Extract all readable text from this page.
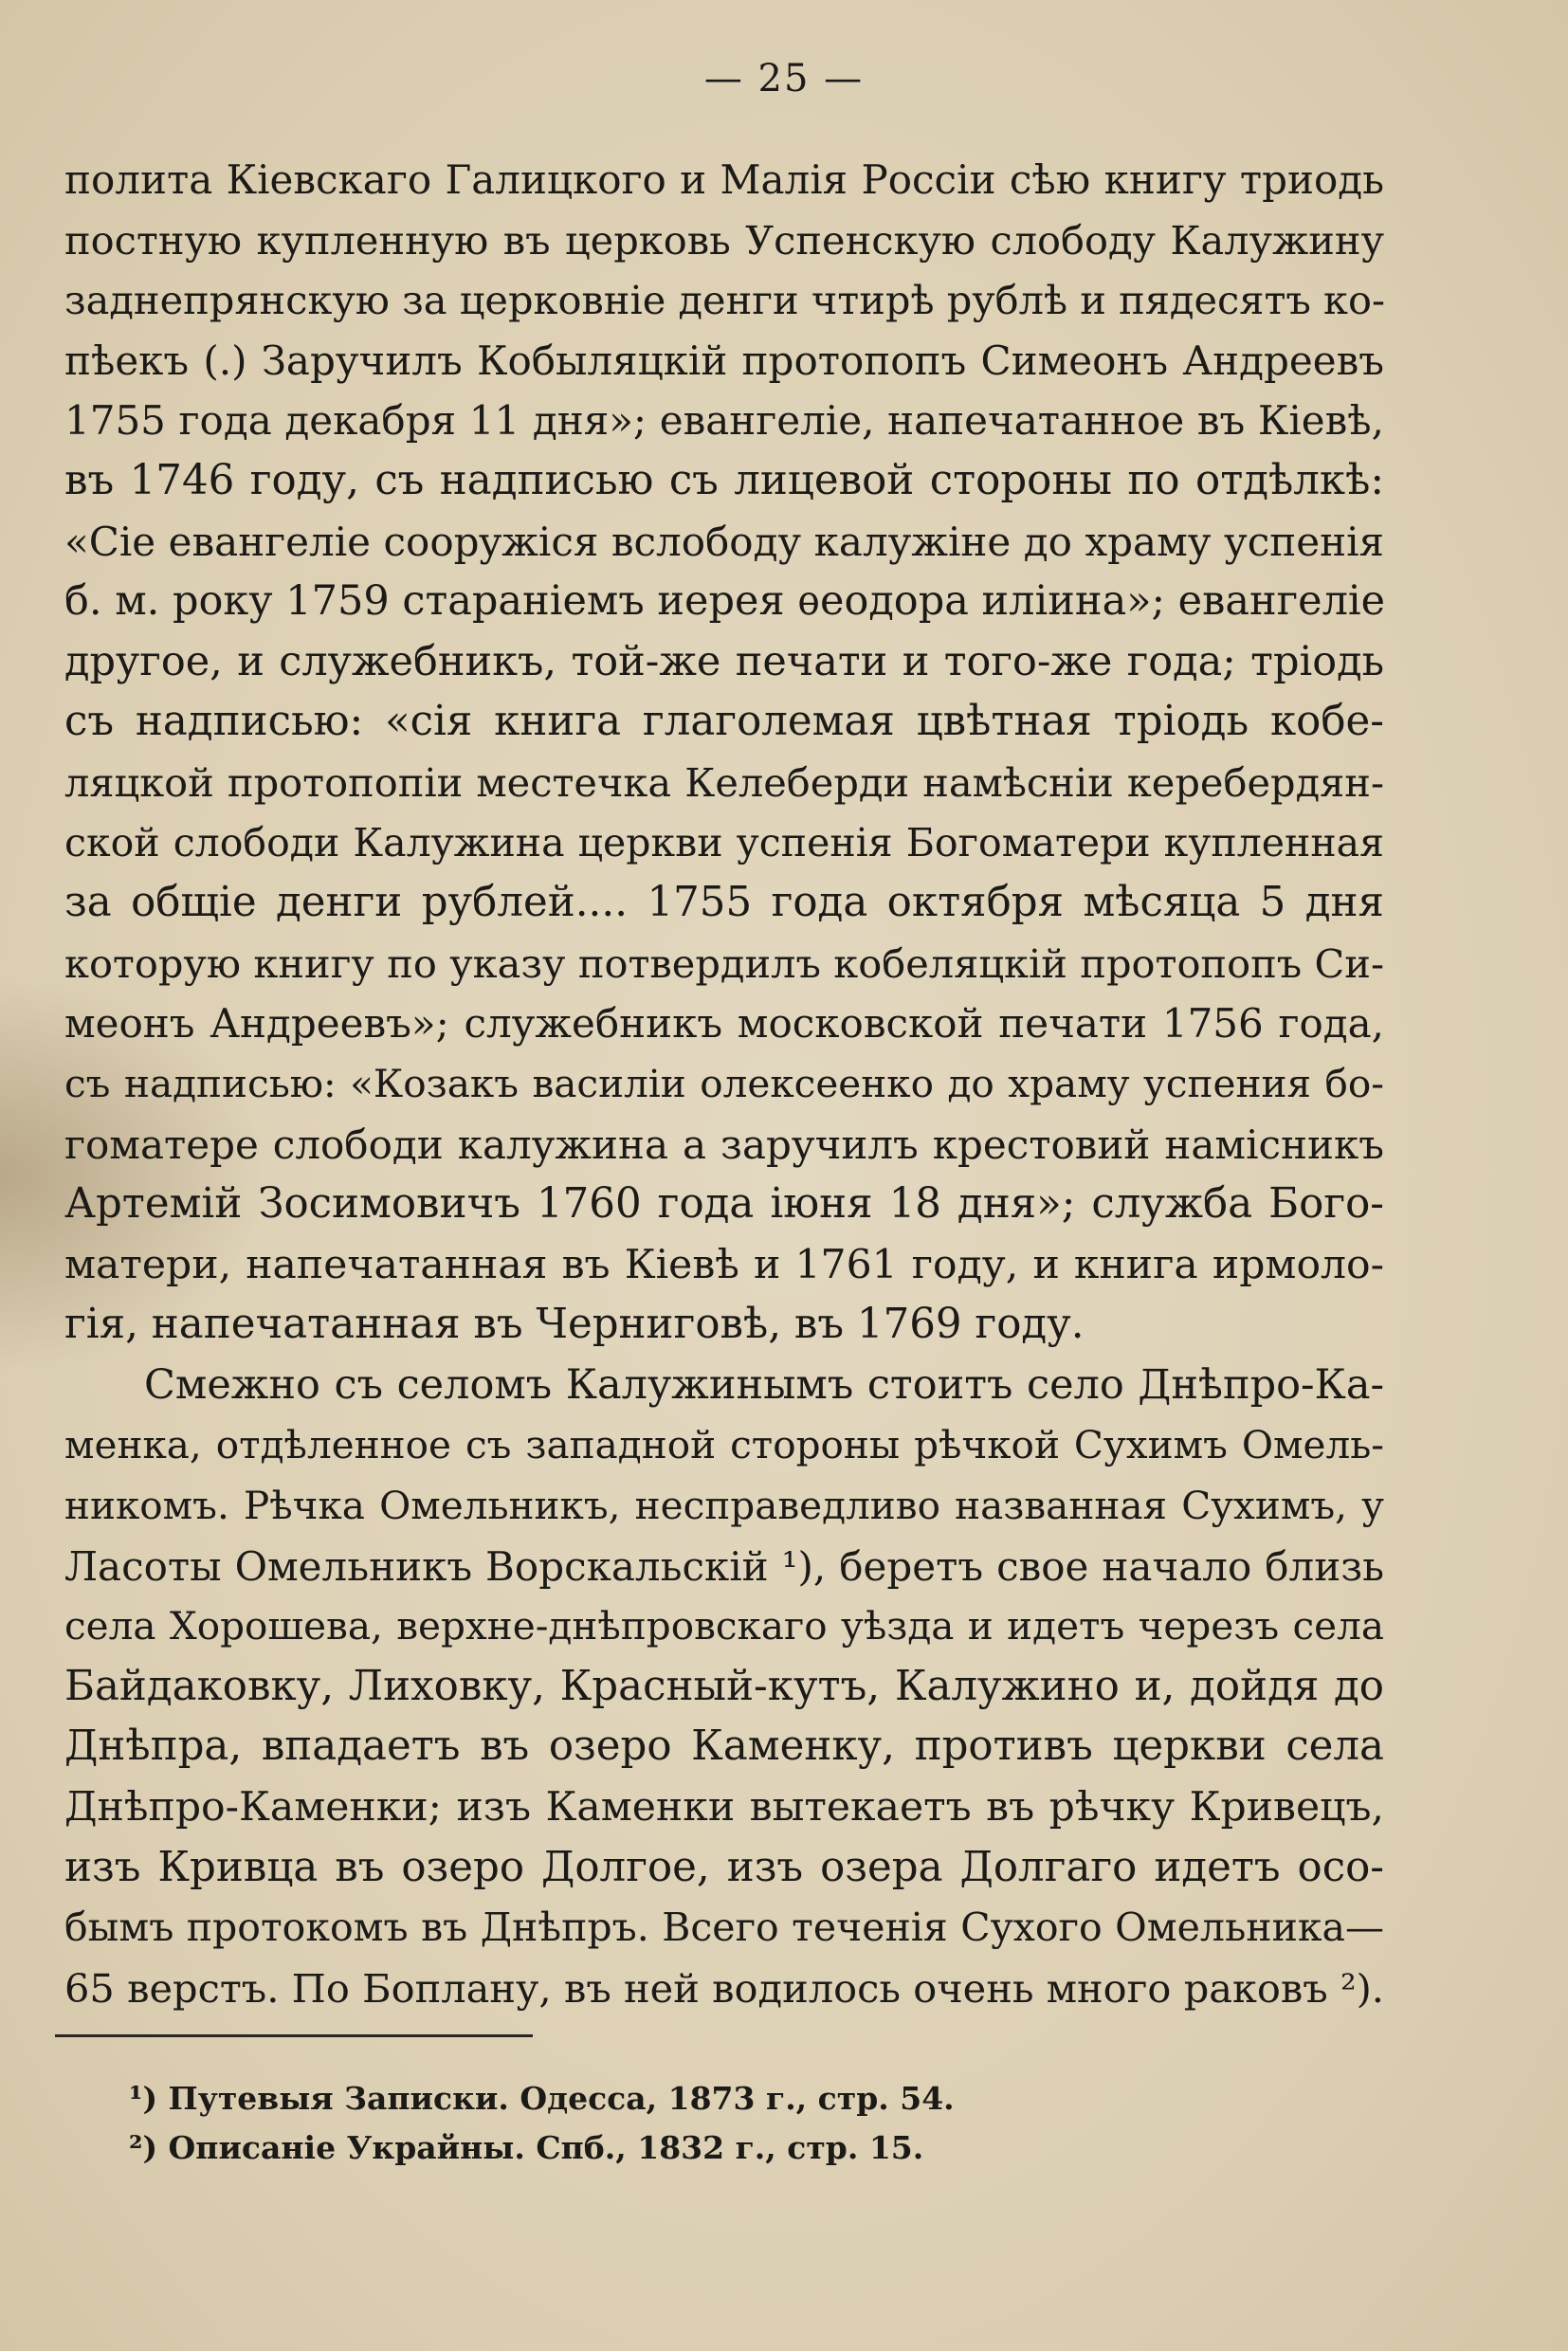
— 25 —
полита Кіевскаго Галицкого и Малія Россіи сѣю книгу триодь
постную купленную въ церковь Успенскую слободу Калужину
заднепрянскую за церковніе денги чтирѣ рублѣ и пядесятъ ко-
пѣекъ (.) Заручилъ Кобыляцкій протопопъ Симеонъ Андреевъ
1755 года декабря 11 дня»; евангеліе, напечатанное въ Кіевѣ,
въ 1746 году, съ надписью съ лицевой стороны по отдѣлкѣ:
«Сіе евангеліе соорyжіся вслободу калужіне до храму успенія
б. м. року 1759 стараніемъ иерея ѳеодора иліина»; евангеліе
другое, и служебникъ, той-же печати и того-же года; тріодь
съ надписью: «сія книга глаголемая цвѣтная тріодь кобе-
ляцкой протопопіи местечка Келеберди намѣсніи керебердян-
ской слободи Калужина церкви успенія Богоматери купленная
за общіе денги рублей.... 1755 года октября мѣсяца 5 дня
которую книгу по указу потвердилъ кобеляцкій протопопъ Си-
меонъ Андреевъ»; служебникъ московской печати 1756 года,
съ надписью: «Козакъ василіи олексеенко до храму успения бо-
гоматере слободи калужина а заручилъ крестовий намісникъ
Артемій Зосимовичъ 1760 года іюня 18 дня»; служба Бого-
матери, напечатанная въ Кіевѣ и 1761 году, и книга ирмоло-
гія, напечатанная въ Черниговѣ, въ 1769 году.
Смежно съ селомъ Калужинымъ стоитъ село Днѣпро-Ка-
менка, отдѣленное съ западной стороны рѣчкой Сухимъ Омель-
никомъ. Рѣчка Омельникъ, несправедливо названная Сухимъ, у
Ласоты Омельникъ Ворскальскій ¹), беретъ свое начало близь
села Хорошева, верхне-днѣпровскаго уѣзда и идетъ черезъ села
Байдаковку, Лиховку, Красный-кутъ, Калужино и, дойдя до
Днѣпра, впадаетъ въ озеро Каменку, противъ церкви села
Днѣпро-Каменки; изъ Каменки вытекаетъ въ рѣчку Кривецъ,
изъ Кривца въ озеро Долгое, изъ озера Долгаго идетъ осо-
бымъ протокомъ въ Днѣпръ. Всего теченія Сухого Омельника—
65 верстъ. По Боплану, въ ней водилось очень много раковъ ²).
¹) Путевыя Записки. Одесса, 1873 г., стр. 54.
²) Описаніе Украйны. Спб., 1832 г., стр. 15.
